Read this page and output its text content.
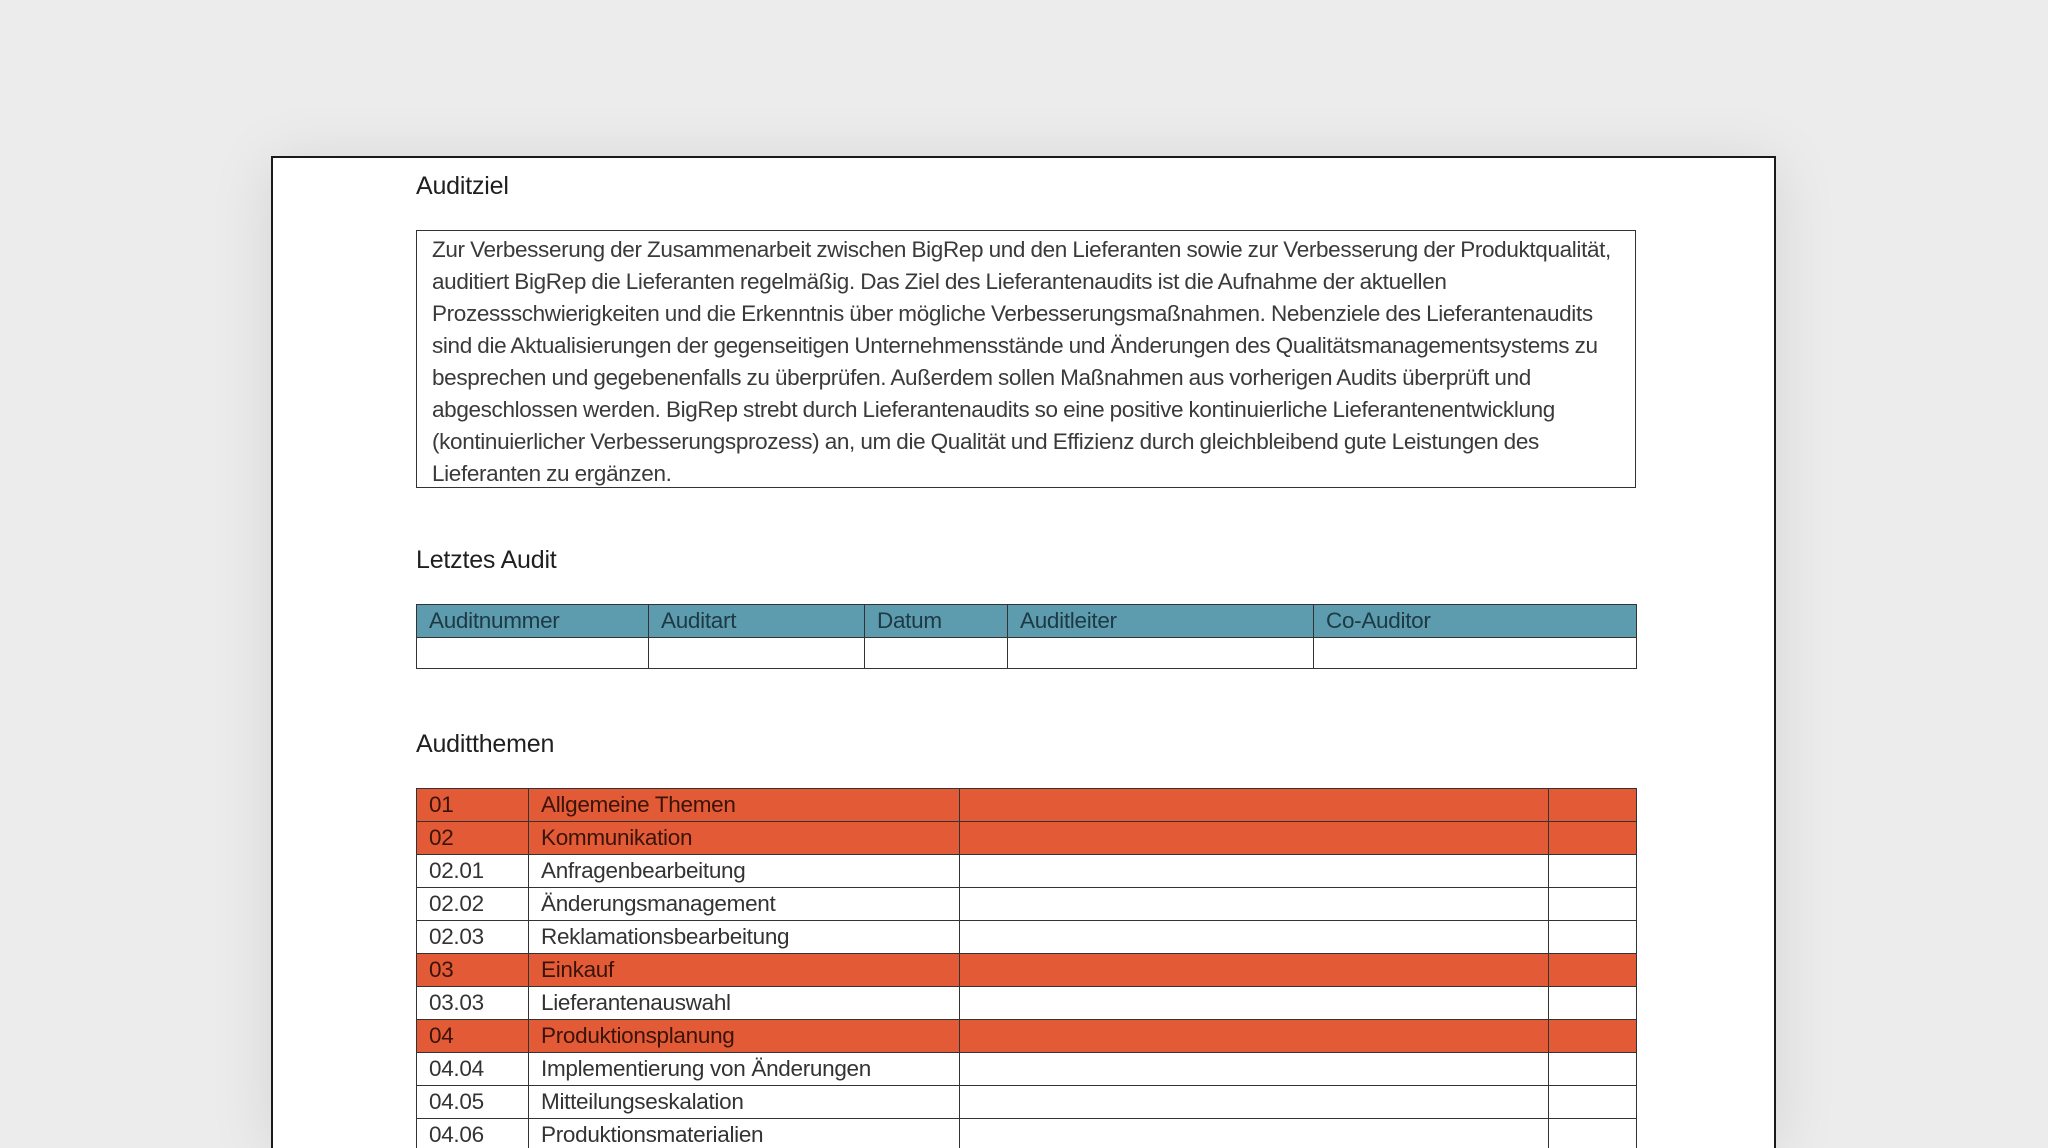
Auditziel

Zur Verbesserung der Zusammenarbeit zwischen BigRep und den Lieferanten sowie zur Verbesserung der Produktqualität, auditiert BigRep die Lieferanten regelmäßig. Das Ziel des Lieferantenaudits ist die Aufnahme der aktuellen Prozessschwierigkeiten und die Erkenntnis über mögliche Verbesserungsmaßnahmen. Nebenziele des Lieferantenaudits sind die Aktualisierungen der gegenseitigen Unternehmensstände und Änderungen des Qualitätsmanagementsystems zu besprechen und gegebenenfalls zu überprüfen. Außerdem sollen Maßnahmen aus vorherigen Audits überprüft und abgeschlossen werden. BigRep strebt durch Lieferantenaudits so eine positive kontinuierliche Lieferantenentwicklung (kontinuierlicher Verbesserungsprozess) an, um die Qualität und Effizienz durch gleichbleibend gute Leistungen des Lieferanten zu ergänzen.

Letztes Audit
Auditnummer	Auditart	Datum	Auditleiter	Co-Auditor

Auditthemen
01	Allgemeine Themen		
02	Kommunikation		
02.01	Anfragenbearbeitung		
02.02	Änderungsmanagement		
02.03	Reklamationsbearbeitung		
03	Einkauf		
03.03	Lieferantenauswahl		
04	Produktionsplanung		
04.04	Implementierung von Änderungen		
04.05	Mitteilungseskalation		
04.06	Produktionsmaterialien		
